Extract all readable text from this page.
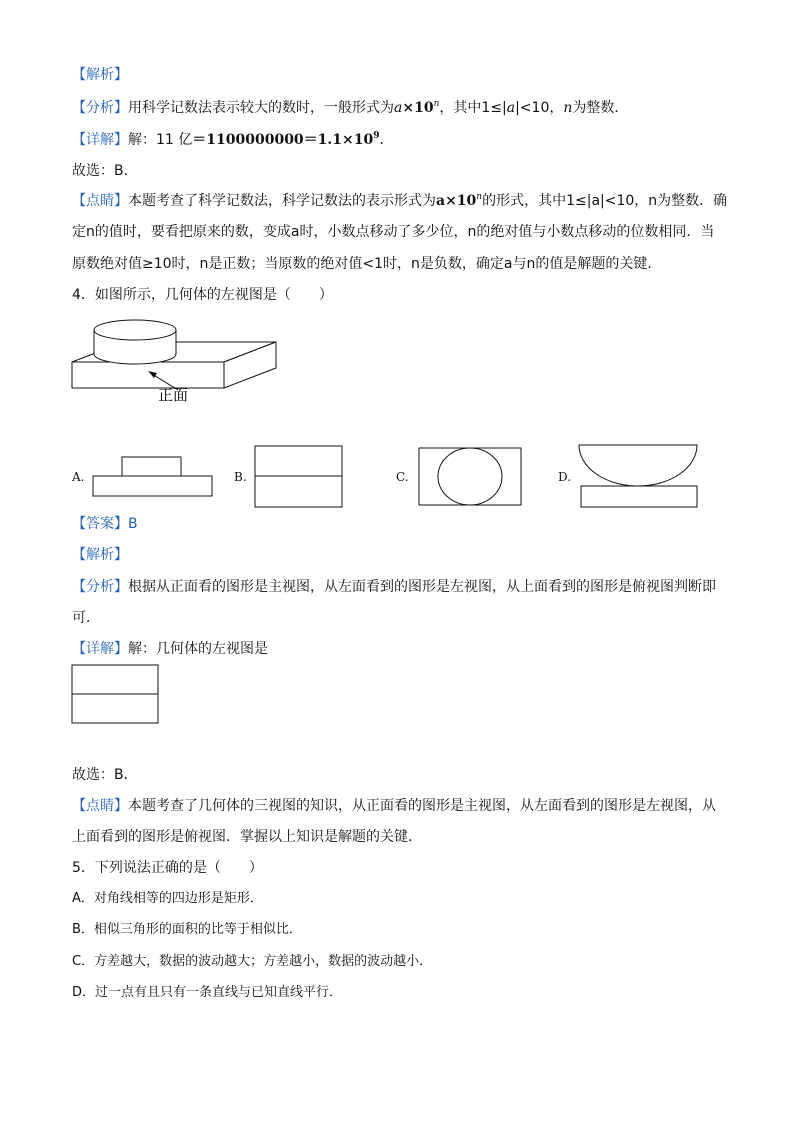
【解析】
【分析】用科学记数法表示较大的数时，一般形式为$a\times 10^n$，其中1≤|a|<10，n为整数．
【详解】解：11 亿$=1100000000=1.1\times 10^9$．
故选：B．
【点睛】本题考查了科学记数法，科学记数法的表示形式为$a\times 10^n$的形式，其中1≤|a|<10，n为整数．确
定n的值时，要看把原来的数，变成a时，小数点移动了多少位，n的绝对值与小数点移动的位数相同．当
原数绝对值≥10时，n是正数；当原数的绝对值<1时，n是负数，确定a与n的值是解题的关键．
4．如图所示，几何体的左视图是（　　）
正面
A.	B.	C.	D.
【答案】B
【解析】
【分析】根据从正面看的图形是主视图，从左面看到的图形是左视图，从上面看到的图形是俯视图判断即
可．
【详解】解：几何体的左视图是
故选：B．
【点睛】本题考查了几何体的三视图的知识，从正面看的图形是主视图，从左面看到的图形是左视图，从
上面看到的图形是俯视图．掌握以上知识是解题的关键．
5．下列说法正确的是（　　）
A．对角线相等的四边形是矩形．
B．相似三角形的面积的比等于相似比．
C．方差越大，数据的波动越大；方差越小，数据的波动越小．
D．过一点有且只有一条直线与已知直线平行．
